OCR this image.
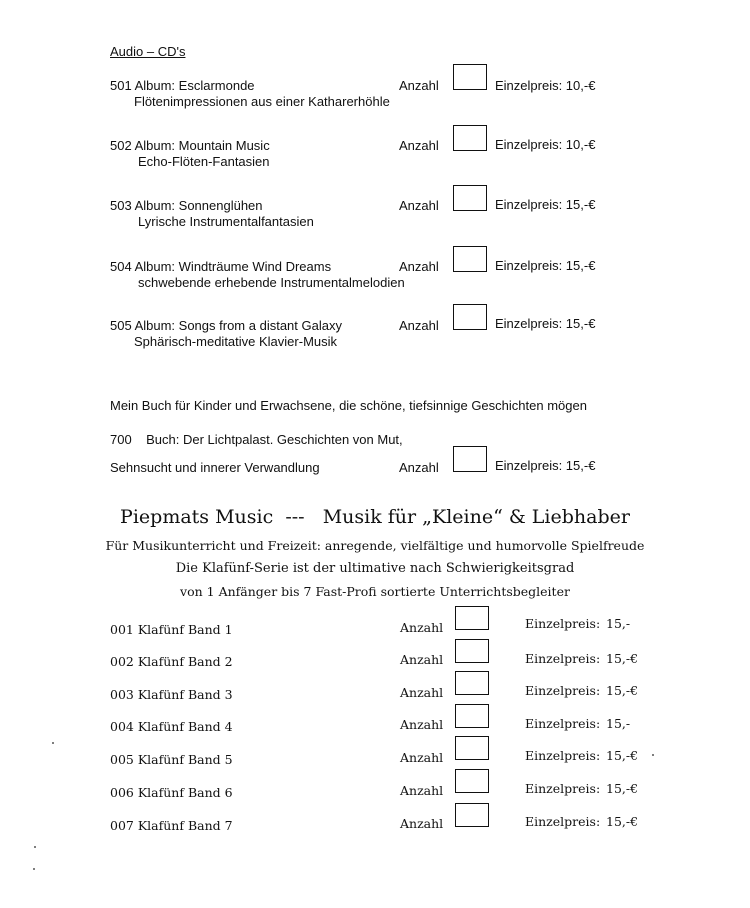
Audio – CD's
501 Album: Esclarmonde
Flötenimpressionen aus einer Katharerhöhle
Anzahl	Einzelpreis: 10,-€
502 Album: Mountain Music
Echo-Flöten-Fantasien
Anzahl	Einzelpreis: 10,-€
503 Album: Sonnenglühen
Lyrische Instrumentalfantasien
Anzahl	Einzelpreis: 15,-€
504 Album: Windträume Wind Dreams
schwebende erhebende Instrumentalmelodien
Anzahl	Einzelpreis: 15,-€
505 Album: Songs from a distant Galaxy
Sphärisch-meditative Klavier-Musik
Anzahl	Einzelpreis: 15,-€
Mein Buch für Kinder und Erwachsene, die schöne, tiefsinnige Geschichten mögen
700    Buch: Der Lichtpalast. Geschichten von Mut,
Sehnsucht und innerer Verwandlung	Anzahl	Einzelpreis: 15,-€
Piepmats Music  ---   Musik für „Kleine“ & Liebhaber
Für Musikunterricht und Freizeit: anregende, vielfältige und humorvolle Spielfreude
Die Klafünf-Serie ist der ultimative nach Schwierigkeitsgrad
von 1 Anfänger bis 7 Fast-Profi sortierte Unterrichtsbegleiter
001 Klafünf Band 1	Anzahl	Einzelpreis: 15,-
002 Klafünf Band 2	Anzahl	Einzelpreis: 15,-€
003 Klafünf Band 3	Anzahl	Einzelpreis: 15,-€
004 Klafünf Band 4	Anzahl	Einzelpreis: 15,-
005 Klafünf Band 5	Anzahl	Einzelpreis: 15,-€
006 Klafünf Band 6	Anzahl	Einzelpreis: 15,-€
007 Klafünf Band 7	Anzahl	Einzelpreis: 15,-€
